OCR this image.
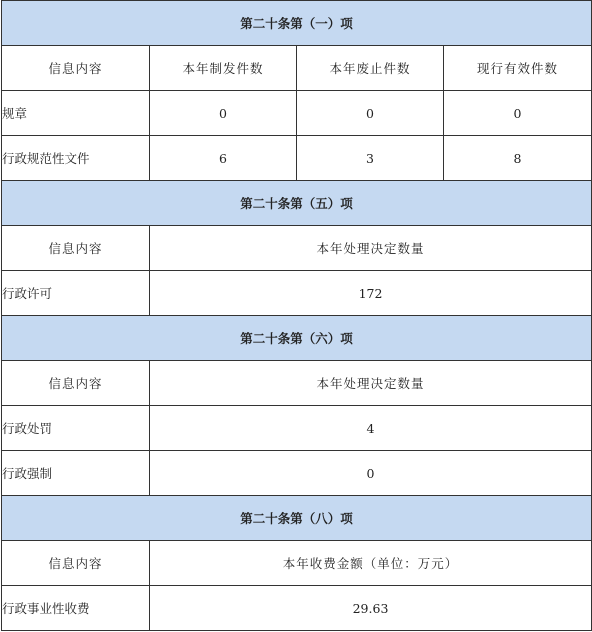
第二十条第（一）项			
信息内容	本年制发件数	本年废止件数	现行有效件数
规章	0	0	0
行政规范性文件	6	3	8
第二十条第（五）项			
信息内容	本年处理决定数量		
行政许可	172		
第二十条第（六）项			
信息内容	本年处理决定数量		
行政处罚	4		
行政强制	0		
第二十条第（八）项			
信息内容	本年收费金额（单位：万元）		
行政事业性收费	29.63		
